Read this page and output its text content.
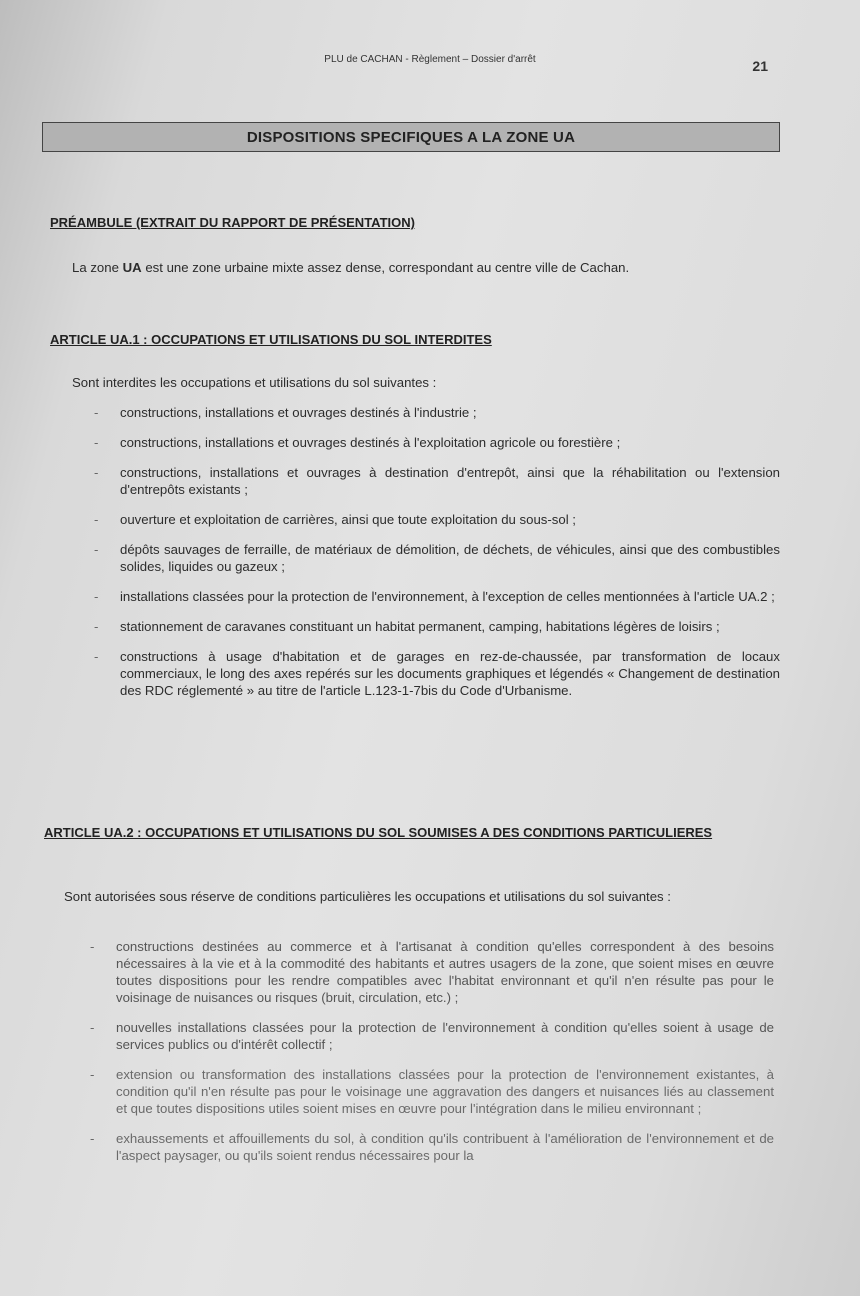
PLU de CACHAN - Règlement – Dossier d'arrêt	21
DISPOSITIONS SPECIFIQUES A LA ZONE UA
PRÉAMBULE (EXTRAIT DU RAPPORT DE PRÉSENTATION)
La zone UA est une zone urbaine mixte assez dense, correspondant au centre ville de Cachan.
ARTICLE UA.1 : OCCUPATIONS ET UTILISATIONS DU SOL INTERDITES
Sont interdites les occupations et utilisations du sol suivantes :
-	constructions, installations et ouvrages destinés à l'industrie ;
-	constructions, installations et ouvrages destinés à l'exploitation agricole ou forestière ;
-	constructions, installations et ouvrages à destination d'entrepôt, ainsi que la réhabilitation ou l'extension d'entrepôts existants ;
-	ouverture et exploitation de carrières, ainsi que toute exploitation du sous-sol ;
-	dépôts sauvages de ferraille, de matériaux de démolition, de déchets, de véhicules, ainsi que des combustibles solides, liquides ou gazeux ;
-	installations classées pour la protection de l'environnement, à l'exception de celles mentionnées à l'article UA.2 ;
-	stationnement de caravanes constituant un habitat permanent, camping, habitations légères de loisirs ;
-	constructions à usage d'habitation et de garages en rez-de-chaussée, par transformation de locaux commerciaux, le long des axes repérés sur les documents graphiques et légendés « Changement de destination des RDC réglementé » au titre de l'article L.123-1-7bis du Code d'Urbanisme.
ARTICLE UA.2 : OCCUPATIONS ET UTILISATIONS DU SOL SOUMISES A DES CONDITIONS PARTICULIERES
Sont autorisées sous réserve de conditions particulières les occupations et utilisations du sol suivantes :
-	constructions destinées au commerce et à l'artisanat à condition qu'elles correspondent à des besoins nécessaires à la vie et à la commodité des habitants et autres usagers de la zone, que soient mises en œuvre toutes dispositions pour les rendre compatibles avec l'habitat environnant et qu'il n'en résulte pas pour le voisinage de nuisances ou risques (bruit, circulation, etc.) ;
-	nouvelles installations classées pour la protection de l'environnement à condition qu'elles soient à usage de services publics ou d'intérêt collectif ;
-	extension ou transformation des installations classées pour la protection de l'environnement existantes, à condition qu'il n'en résulte pas pour le voisinage une aggravation des dangers et nuisances liés au classement et que toutes dispositions utiles soient mises en œuvre pour l'intégration dans le milieu environnant ;
-	exhaussements et affouillements du sol, à condition qu'ils contribuent à l'amélioration de l'environnement et de l'aspect paysager, ou qu'ils soient rendus nécessaires pour la
